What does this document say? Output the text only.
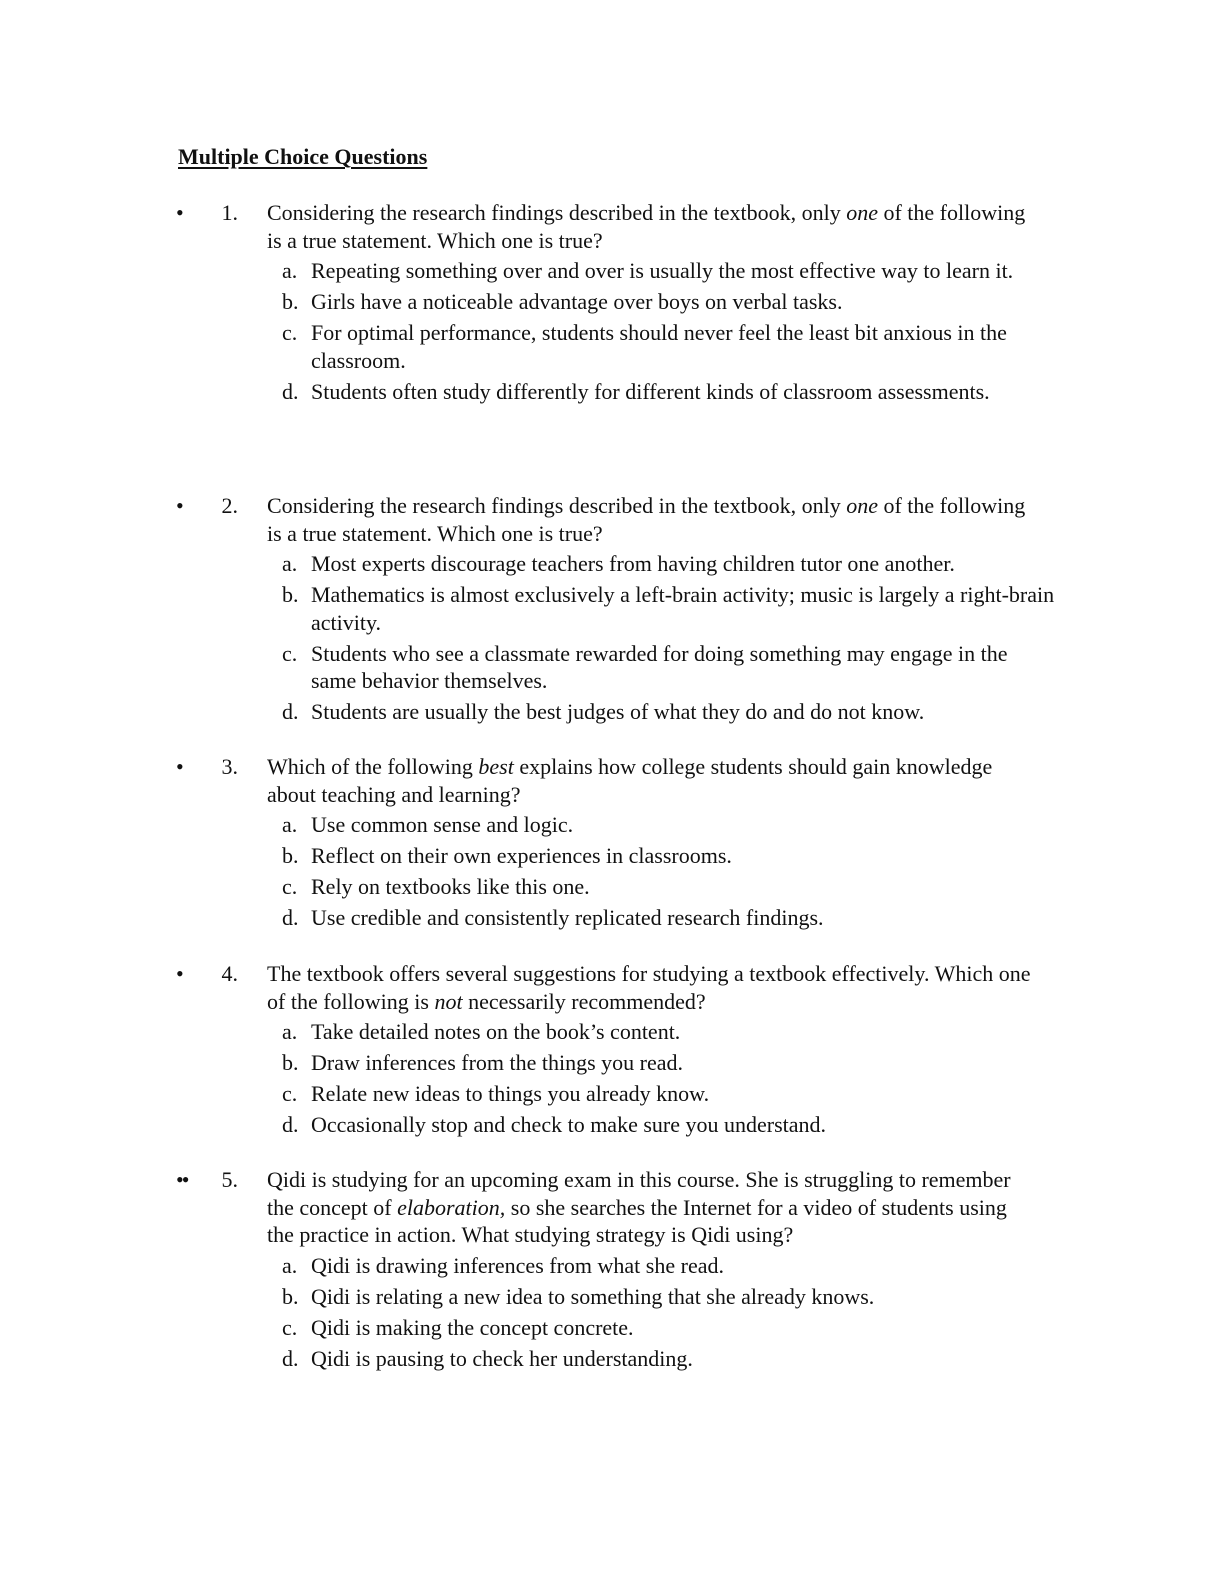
Multiple Choice Questions
•	1. Considering the research findings described in the textbook, only one of the following is a true statement. Which one is true?
a. Repeating something over and over is usually the most effective way to learn it.
b. Girls have a noticeable advantage over boys on verbal tasks.
c. For optimal performance, students should never feel the least bit anxious in the classroom.
d. Students often study differently for different kinds of classroom assessments.
•	2. Considering the research findings described in the textbook, only one of the following is a true statement. Which one is true?
a. Most experts discourage teachers from having children tutor one another.
b. Mathematics is almost exclusively a left-brain activity; music is largely a right-brain activity.
c. Students who see a classmate rewarded for doing something may engage in the same behavior themselves.
d. Students are usually the best judges of what they do and do not know.
•	3. Which of the following best explains how college students should gain knowledge about teaching and learning?
a. Use common sense and logic.
b. Reflect on their own experiences in classrooms.
c. Rely on textbooks like this one.
d. Use credible and consistently replicated research findings.
•	4. The textbook offers several suggestions for studying a textbook effectively. Which one of the following is not necessarily recommended?
a. Take detailed notes on the book’s content.
b. Draw inferences from the things you read.
c. Relate new ideas to things you already know.
d. Occasionally stop and check to make sure you understand.
••	5. Qidi is studying for an upcoming exam in this course. She is struggling to remember the concept of elaboration, so she searches the Internet for a video of students using the practice in action. What studying strategy is Qidi using?
a. Qidi is drawing inferences from what she read.
b. Qidi is relating a new idea to something that she already knows.
c. Qidi is making the concept concrete.
d. Qidi is pausing to check her understanding.
